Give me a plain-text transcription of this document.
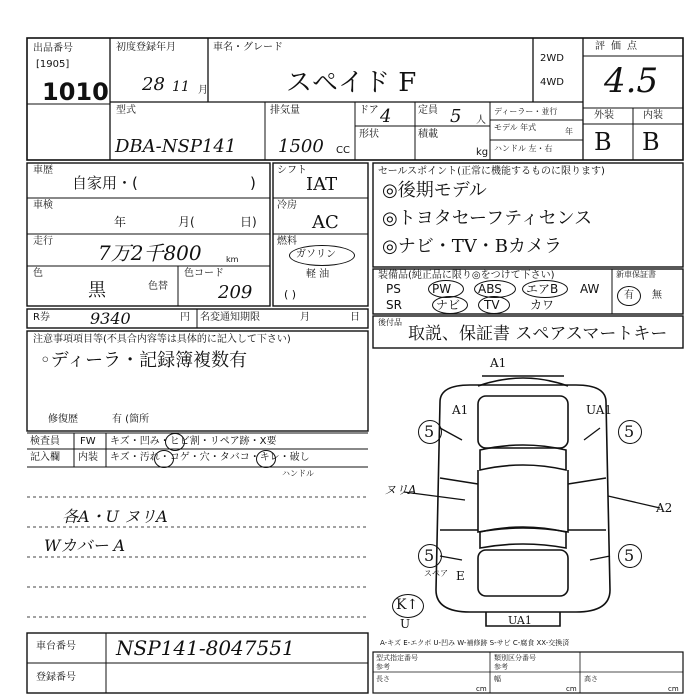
出品番号
[1905]
1010
初度登録年月
28 11 月
車名・グレード
スペイド F
2WD
4WD
評価点
4.5
型式
DBA-NSP141
排気量
1500 CC
ドア 4	定員 5 人
形状	積載
kg
ディーラー・並行
モデル 年式	年
ハンドル 左・右
外装	内装
B B
車歴
自家用・(	)
車検
年	月(	日)
走行 7万2千800	km
色
黒	色替
色コード
209
シフト
IAT
冷房
AC
燃料
ガソリン
軽 油
( )
R券	9340	円 名変通知期限	月	日
セールスポイント(正常に機能するものに限ります)
◎後期モデル
◎トヨタセーフティセンス
◎ナビ・TV・Bカメラ
装備品(純正品に限り◎をつけて下さい)
PS	PW ABS エアB AW
SR	ナビ TV	カワ
新車保証書
有 無
後付品
取説、保証書 スペアスマートキー
注意事項項目等(不具合内容等は具体的に記入して下さい)
◦ディーラ・記録簿複数有
修復歴	有 (箇所
検査員
記入欄
FW キズ・凹み・ヒビ割・リペア跡・X要
内装 キズ・汚れ・コゲ・穴・タバコ・キレ・破し
ハンドル
各A・U ヌリA
Wカバー A
A1
A1	UA1
5	5
5	5
ヌリA
A2
E
スペア
UA1
K↑
U
車台番号 NSP141-8047551
登録番号
A-キズ E-エクボ U-凹み W-補修跡 S-サビ C-腐食 XX-交換済
型式指定番号
参考
類別区分番号
参考
長さ
cm
幅
cm
高さ
cm
